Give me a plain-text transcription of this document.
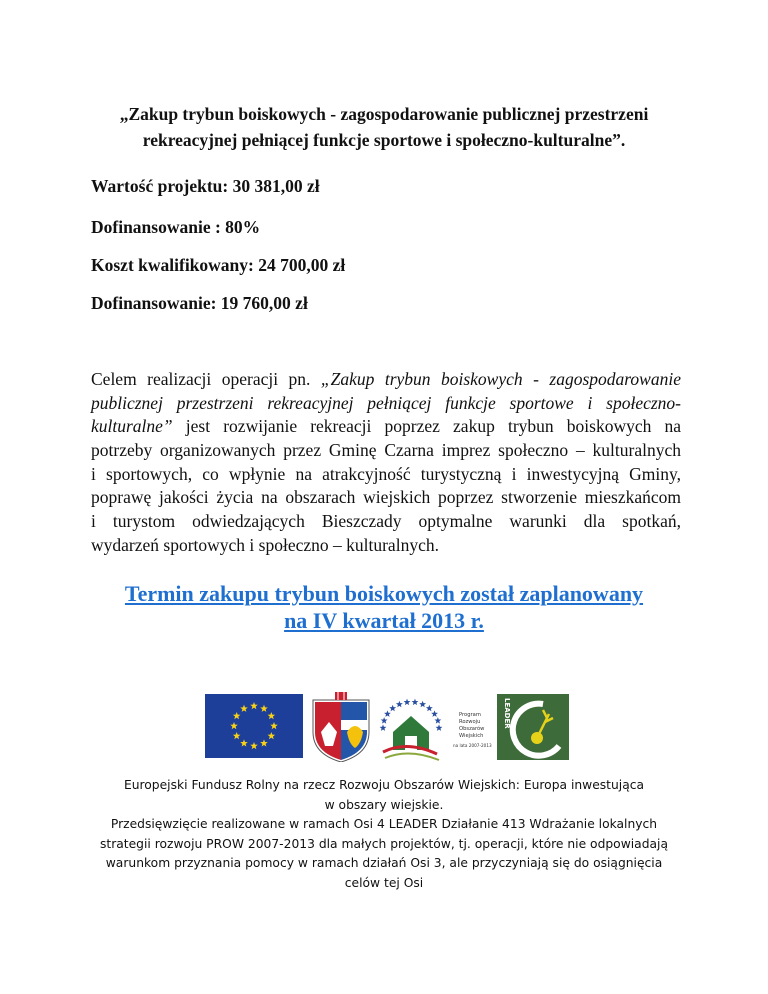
„Zakup trybun boiskowych - zagospodarowanie publicznej przestrzeni
rekreacyjnej pełniącej funkcje sportowe i społeczno-kulturalne”.
Wartość projektu: 30 381,00 zł
Dofinansowanie : 80%
Koszt kwalifikowany: 24 700,00 zł
Dofinansowanie: 19 760,00 zł
Celem realizacji operacji pn. „Zakup trybun boiskowych - zagospodarowanie
publicznej przestrzeni rekreacyjnej pełniącej funkcje sportowe i społeczno-
kulturalne” jest rozwijanie rekreacji poprzez zakup trybun boiskowych na
potrzeby organizowanych przez Gminę Czarna imprez społeczno – kulturalnych
i sportowych, co wpłynie na atrakcyjność turystyczną i inwestycyjną Gminy,
poprawę jakości życia na obszarach wiejskich poprzez stworzenie mieszkańcom
i turystom odwiedzających Bieszczady optymalne warunki dla spotkań,
wydarzeń sportowych i społeczno – kulturalnych.
Termin zakupu trybun boiskowych został zaplanowany
na IV kwartał 2013 r.
Program
Rozwoju
Obszarów
Wiejskich
na lata 2007-2013
LEADER
Europejski Fundusz Rolny na rzecz Rozwoju Obszarów Wiejskich: Europa inwestująca
w obszary wiejskie.
Przedsięwzięcie realizowane w ramach Osi 4 LEADER Działanie 413 Wdrażanie lokalnych
strategii rozwoju PROW 2007-2013 dla małych projektów, tj. operacji, które nie odpowiadają
warunkom przyznania pomocy w ramach działań Osi 3, ale przyczyniają się do osiągnięcia
celów tej Osi
